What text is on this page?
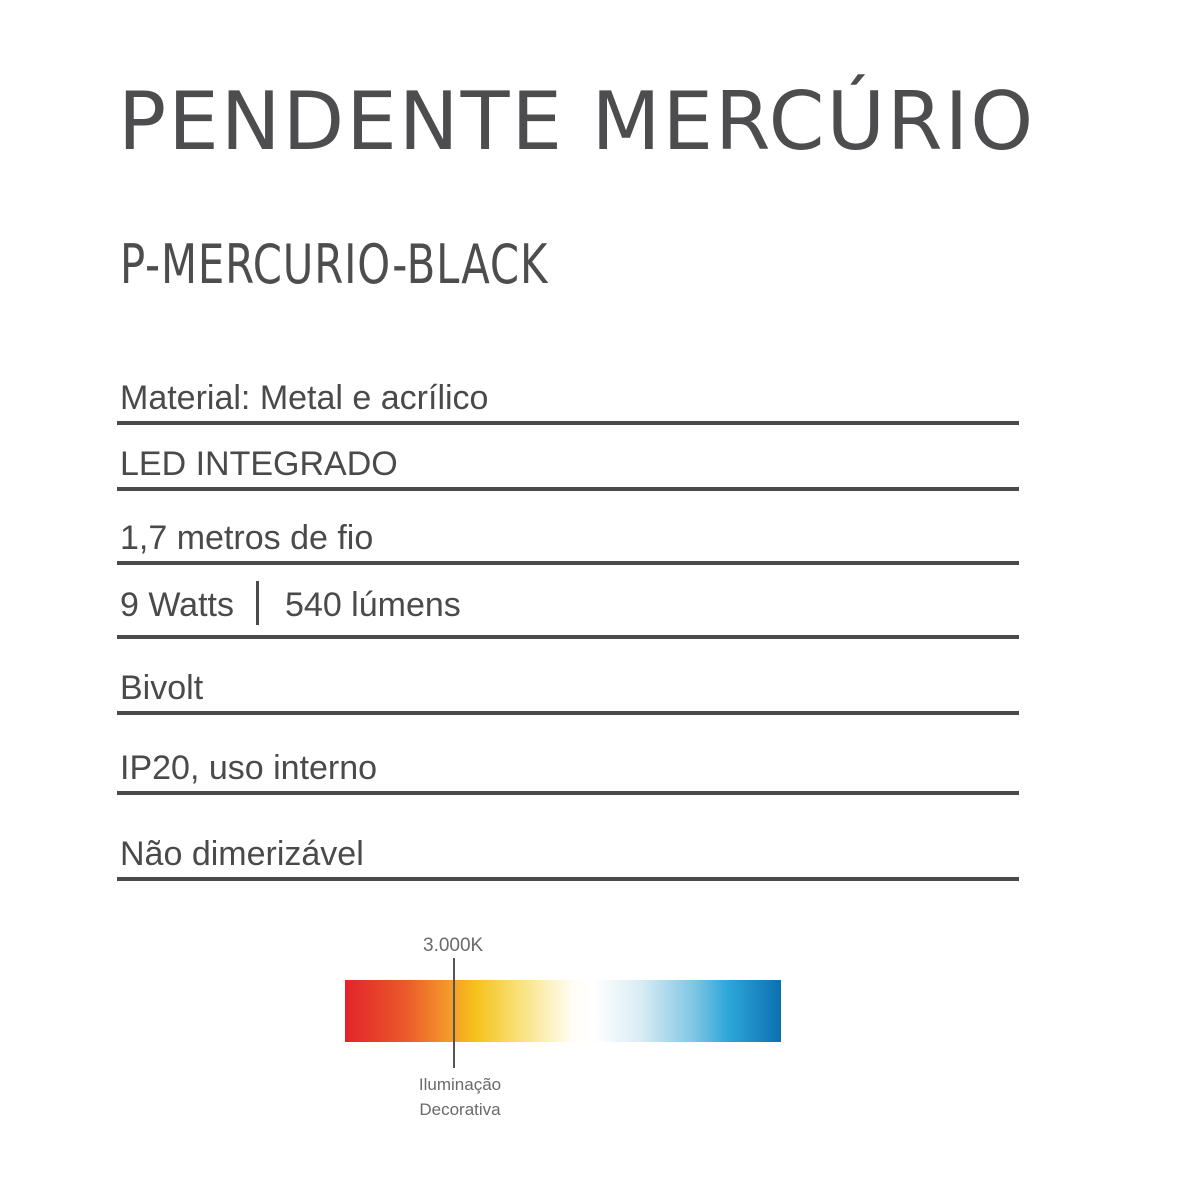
PENDENTE MERCÚRIO
P-MERCURIO-BLACK
Material: Metal e acrílico
LED INTEGRADO
1,7 metros de fio
9 Watts 540 lúmens
Bivolt
IP20, uso interno
Não dimerizável
3.000K
Iluminação
Decorativa
